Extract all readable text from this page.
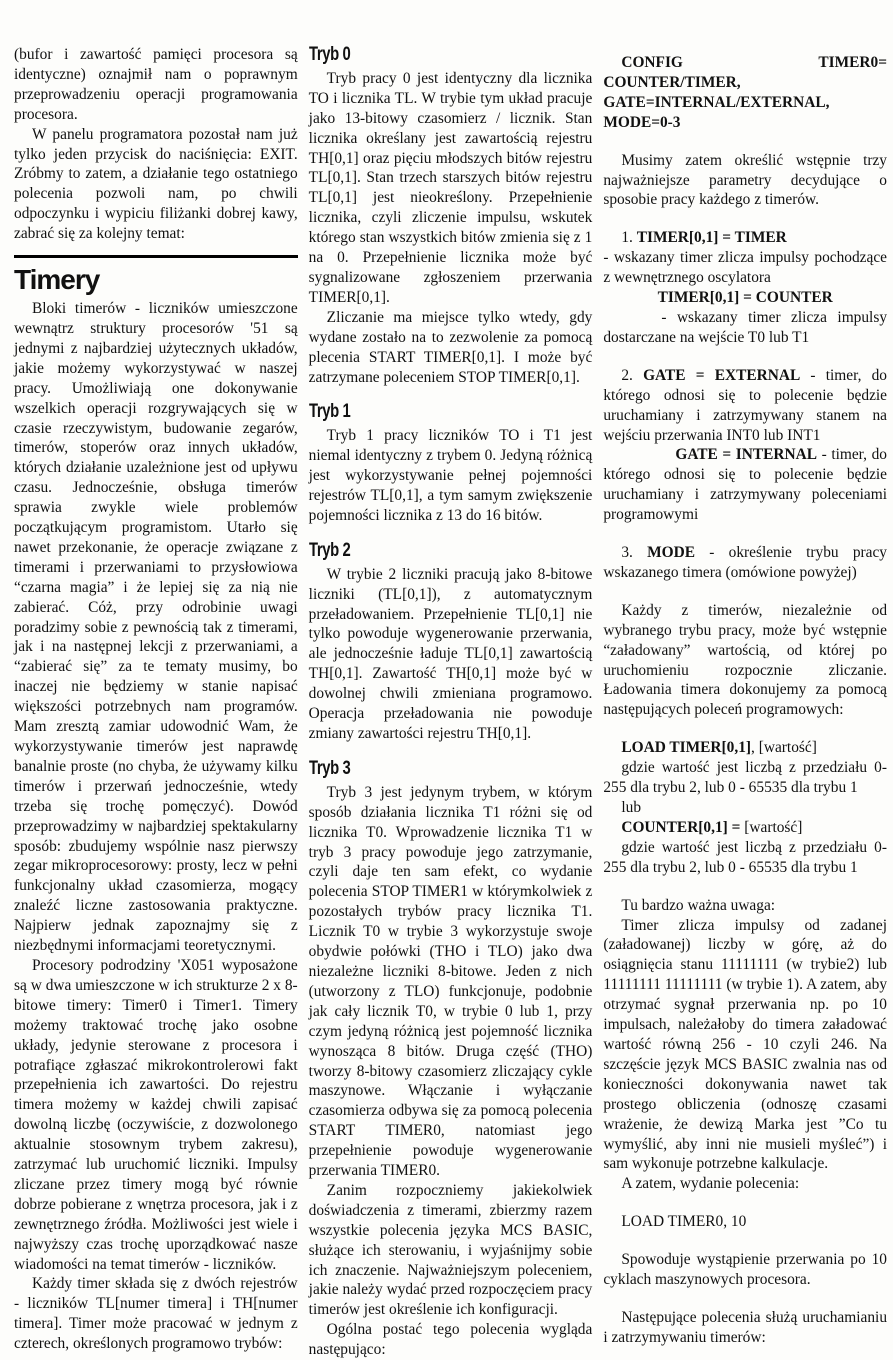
(bufor i zawartość pamięci procesora są identyczne) oznajmił nam o poprawnym przeprowadzeniu operacji programowania procesora.

W panelu programatora pozostał nam już tylko jeden przycisk do naciśnięcia: EXIT. Zróbmy to zatem, a działanie tego ostatniego polecenia pozwoli nam, po chwili odpoczynku i wypiciu filiżanki dobrej kawy, zabrać się za kolejny temat:

Timery

Bloki timerów - liczników umieszczone wewnątrz struktury procesorów '51 są jednymi z najbardziej użytecznych układów, jakie możemy wykorzystywać w naszej pracy. Umożliwiają one dokonywanie wszelkich operacji rozgrywających się w czasie rzeczywistym, budowanie zegarów, timerów, stoperów oraz innych układów, których działanie uzależnione jest od upływu czasu. Jednocześnie, obsługa timerów sprawia zwykle wiele problemów początkującym programistom. Utarło się nawet przekonanie, że operacje związane z timerami i przerwaniami to przysłowiowa “czarna magia” i że lepiej się za nią nie zabierać. Cóż, przy odrobinie uwagi poradzimy sobie z pewnością tak z timerami, jak i na następnej lekcji z przerwaniami, a “zabierać się” za te tematy musimy, bo inaczej nie będziemy w stanie napisać większości potrzebnych nam programów. Mam zresztą zamiar udowodnić Wam, że wykorzystywanie timerów jest naprawdę banalnie proste (no chyba, że używamy kilku timerów i przerwań jednocześnie, wtedy trzeba się trochę pomęczyć). Dowód przeprowadzimy w najbardziej spektakularny sposób: zbudujemy wspólnie nasz pierwszy zegar mikroprocesorowy: prosty, lecz w pełni funkcjonalny układ czasomierza, mogący znaleźć liczne zastosowania praktyczne. Najpierw jednak zapoznajmy się z niezbędnymi informacjami teoretycznymi.

Procesory podrodziny 'X051 wyposażone są w dwa umieszczone w ich strukturze 2 x 8-bitowe timery: Timer0 i Timer1. Timery możemy traktować trochę jako osobne układy, jedynie sterowane z procesora i potrafiące zgłaszać mikrokontrolerowi fakt przepełnienia ich zawartości. Do rejestru timera możemy w każdej chwili zapisać dowolną liczbę (oczywiście, z dozwolonego aktualnie stosownym trybem zakresu), zatrzymać lub uruchomić liczniki. Impulsy zliczane przez timery mogą być równie dobrze pobierane z wnętrza procesora, jak i z zewnętrznego źródła. Możliwości jest wiele i najwyższy czas trochę uporządkować nasze wiadomości na temat timerów - liczników.

Każdy timer składa się z dwóch rejestrów - liczników TL[numer timera] i TH[numer timera]. Timer może pracować w jednym z czterech, określonych programowo trybów:

Tryb 0

Tryb pracy 0 jest identyczny dla licznika TO i licznika TL. W trybie tym układ pracuje jako 13-bitowy czasomierz / licznik. Stan licznika określany jest zawartością rejestru TH[0,1] oraz pięciu młodszych bitów rejestru TL[0,1]. Stan trzech starszych bitów rejestru TL[0,1] jest nieokreślony. Przepełnienie licznika, czyli zliczenie impulsu, wskutek którego stan wszystkich bitów zmienia się z 1 na 0. Przepełnienie licznika może być sygnalizowane zgłoszeniem przerwania TIMER[0,1].

Zliczanie ma miejsce tylko wtedy, gdy wydane zostało na to zezwolenie za pomocą plecenia START TIMER[0,1]. I może być zatrzymane poleceniem STOP TIMER[0,1].

Tryb 1

Tryb 1 pracy liczników TO i T1 jest niemal identyczny z trybem 0. Jedyną różnicą jest wykorzystywanie pełnej pojemności rejestrów TL[0,1], a tym samym zwiększenie pojemności licznika z 13 do 16 bitów.

Tryb 2

W trybie 2 liczniki pracują jako 8-bitowe liczniki (TL[0,1]), z automatycznym przeładowaniem. Przepełnienie TL[0,1] nie tylko powoduje wygenerowanie przerwania, ale jednocześnie ładuje TL[0,1] zawartością TH[0,1]. Zawartość TH[0,1] może być w dowolnej chwili zmieniana programowo. Operacja przeładowania nie powoduje zmiany zawartości rejestru TH[0,1].

Tryb 3

Tryb 3 jest jedynym trybem, w którym sposób działania licznika T1 różni się od licznika T0. Wprowadzenie licznika T1 w tryb 3 pracy powoduje jego zatrzymanie, czyli daje ten sam efekt, co wydanie polecenia STOP TIMER1 w którymkolwiek z pozostałych trybów pracy licznika T1. Licznik T0 w trybie 3 wykorzystuje swoje obydwie połówki (THO i TLO) jako dwa niezależne liczniki 8-bitowe. Jeden z nich (utworzony z TLO) funkcjonuje, podobnie jak cały licznik T0, w trybie 0 lub 1, przy czym jedyną różnicą jest pojemność licznika wynosząca 8 bitów. Druga część (THO) tworzy 8-bitowy czasomierz zliczający cykle maszynowe. Włączanie i wyłączanie czasomierza odbywa się za pomocą polecenia START TIMER0, natomiast jego przepełnienie powoduje wygenerowanie przerwania TIMER0.

Zanim rozpoczniemy jakiekolwiek doświadczenia z timerami, zbierzmy razem wszystkie polecenia języka MCS BASIC, służące ich sterowaniu, i wyjaśnijmy sobie ich znaczenie. Najważniejszym poleceniem, jakie należy wydać przed rozpoczęciem pracy timerów jest określenie ich konfiguracji.

Ogólna postać tego polecenia wygląda następująco:

CONFIG TIMER0= COUNTER/TIMER, GATE=INTERNAL/EXTERNAL, MODE=0-3

Musimy zatem określić wstępnie trzy najważniejsze parametry decydujące o sposobie pracy każdego z timerów.

1. TIMER[0,1] = TIMER

- wskazany timer zlicza impulsy pochodzące z wewnętrznego oscylatora

TIMER[0,1] = COUNTER

- wskazany timer zlicza impulsy dostarczane na wejście T0 lub T1

2. GATE = EXTERNAL - timer, do którego odnosi się to polecenie będzie uruchamiany i zatrzymywany stanem na wejściu przerwania INT0 lub INT1

GATE = INTERNAL - timer, do którego odnosi się to polecenie będzie uruchamiany i zatrzymywany poleceniami programowymi

3. MODE - określenie trybu pracy wskazanego timera (omówione powyżej)

Każdy z timerów, niezależnie od wybranego trybu pracy, może być wstępnie “załadowany” wartością, od której po uruchomieniu rozpocznie zliczanie. Ładowania timera dokonujemy za pomocą następujących poleceń programowych:

LOAD TIMER[0,1], [wartość]

gdzie wartość jest liczbą z przedziału 0-255 dla trybu 2, lub 0 - 65535 dla trybu 1

lub

COUNTER[0,1] = [wartość]

gdzie wartość jest liczbą z przedziału 0-255 dla trybu 2, lub 0 - 65535 dla trybu 1

Tu bardzo ważna uwaga:

Timer zlicza impulsy od zadanej (załadowanej) liczby w górę, aż do osiągnięcia stanu 11111111 (w trybie2) lub 11111111 11111111 (w trybie 1). A zatem, aby otrzymać sygnał przerwania np. po 10 impulsach, należałoby do timera załadować wartość równą 256 - 10 czyli 246. Na szczęście język MCS BASIC zwalnia nas od konieczności dokonywania nawet tak prostego obliczenia (odnoszę czasami wrażenie, że dewizą Marka jest ”Co tu wymyślić, aby inni nie musieli myśleć”) i sam wykonuje potrzebne kalkulacje.

A zatem, wydanie polecenia:

LOAD TIMER0, 10

Spowoduje wystąpienie przerwania po 10 cyklach maszynowych procesora.

Następujące polecenia służą uruchamianiu i zatrzymywaniu timerów:
